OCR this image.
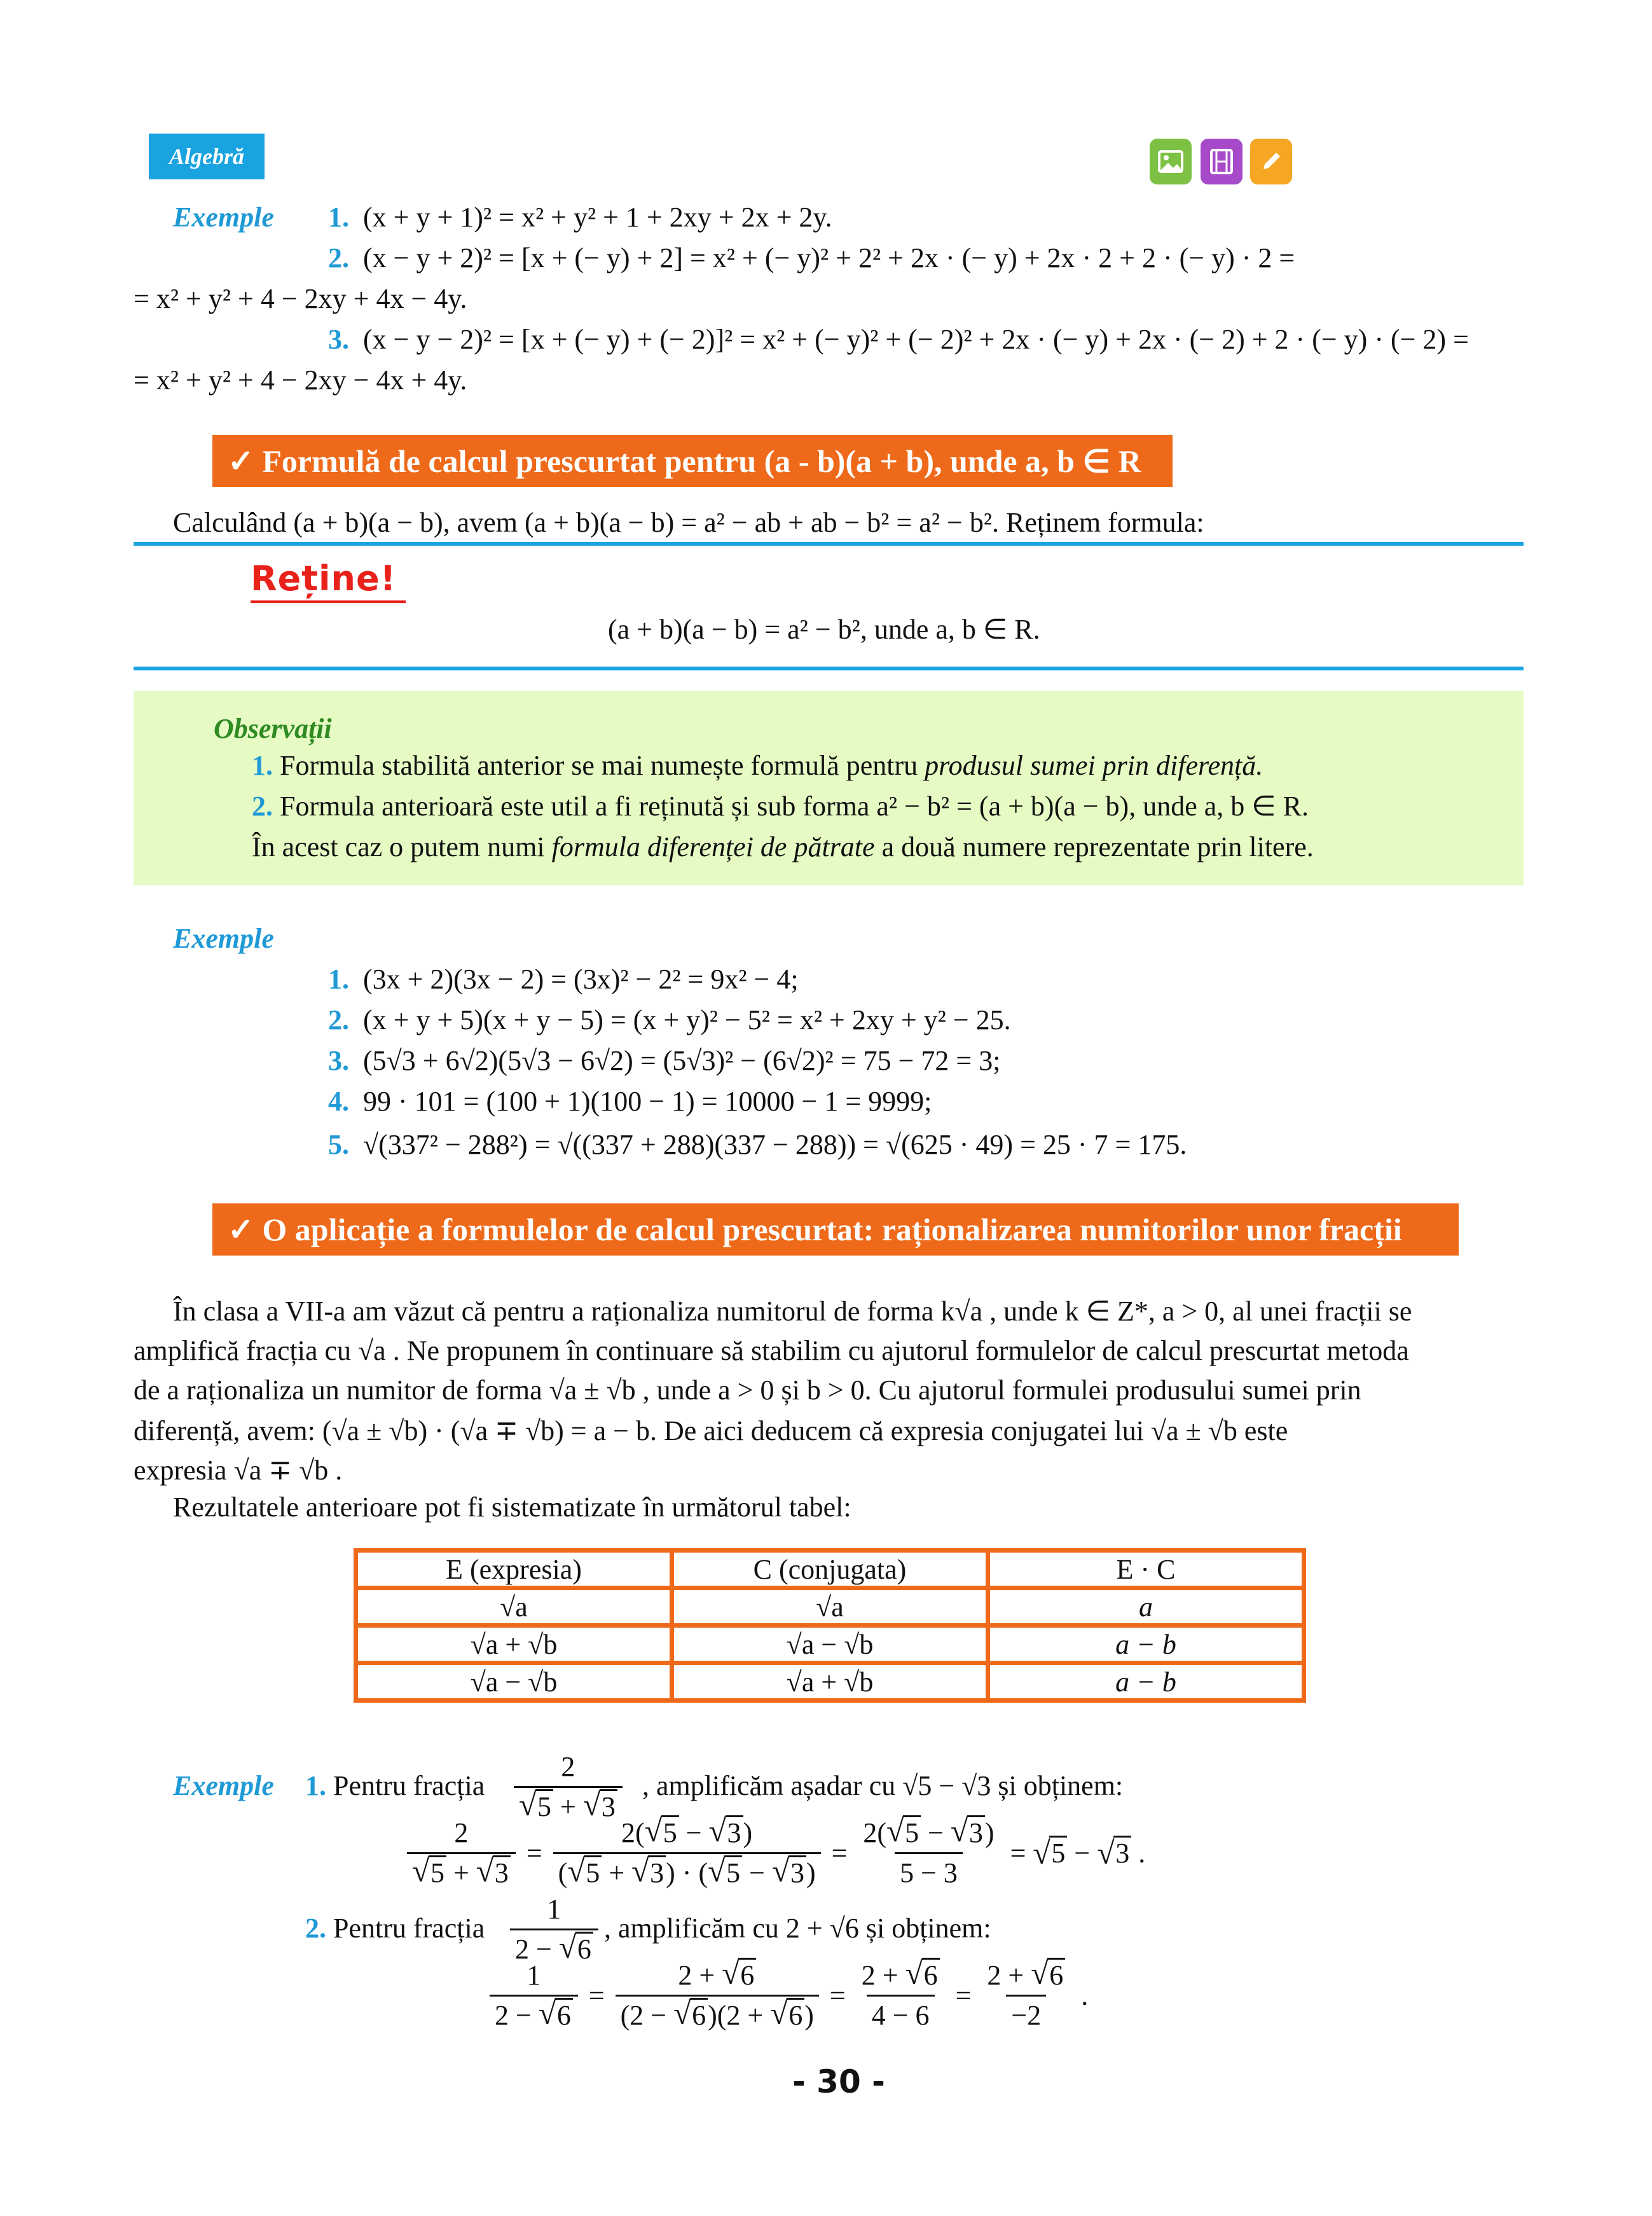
Algebră
Exemple 1. (x + y + 1)² = x² + y² + 1 + 2xy + 2x + 2y.
2. (x − y + 2)² = [x + (− y) + 2] = x² + (− y)² + 2² + 2x · (− y) + 2x · 2 + 2 · (− y) · 2 =
= x² + y² + 4 − 2xy + 4x − 4y.
3. (x − y − 2)² = [x + (− y) + (− 2)]² = x² + (− y)² + (− 2)² + 2x · (− y) + 2x · (− 2) + 2 · (− y) · (− 2) =
= x² + y² + 4 − 2xy − 4x + 4y.
✓ Formulă de calcul prescurtat pentru (a - b)(a + b), unde a, b ∈ R
Calculând (a + b)(a − b), avem (a + b)(a − b) = a² − ab + ab − b² = a² − b². Reținem formula:
Reține!
(a + b)(a − b) = a² − b², unde a, b ∈ R.
Observații
1. Formula stabilită anterior se mai numește formulă pentru produsul sumei prin diferență.
2. Formula anterioară este util a fi reținută și sub forma a² − b² = (a + b)(a − b), unde a, b ∈ R.
În acest caz o putem numi formula diferenței de pătrate a două numere reprezentate prin litere.
Exemple
1. (3x + 2)(3x − 2) = (3x)² − 2² = 9x² − 4;
2. (x + y + 5)(x + y − 5) = (x + y)² − 5² = x² + 2xy + y² − 25.
3. (5√3 + 6√2)(5√3 − 6√2) = (5√3)² − (6√2)² = 75 − 72 = 3;
4. 99 · 101 = (100 + 1)(100 − 1) = 10000 − 1 = 9999;
5. √(337² − 288²) = √((337 + 288)(337 − 288)) = √(625 · 49) = 25 · 7 = 175.
✓ O aplicație a formulelor de calcul prescurtat: raționalizarea numitorilor unor fracții
În clasa a VII-a am văzut că pentru a raționaliza numitorul de forma k√a , unde k ∈ Z*, a > 0, al unei fracții se
amplifică fracția cu √a . Ne propunem în continuare să stabilim cu ajutorul formulelor de calcul prescurtat metoda
de a raționaliza un numitor de forma √a ± √b , unde a > 0 și b > 0. Cu ajutorul formulei produsului sumei prin
diferență, avem: (√a ± √b) · (√a ∓ √b) = a − b. De aici deducem că expresia conjugatei lui √a ± √b este
expresia √a ∓ √b .
Rezultatele anterioare pot fi sistematizate în următorul tabel:
E (expresia)	C (conjugata)	E · C
√a	√a	a
√a + √b	√a − √b	a − b
√a − √b	√a + √b	a − b
Exemple 1. Pentru fracția 2
√ 5 + √ 3 , amplificăm așadar cu √5 − √3 și obținem:
2
√ 5 + √ $3 = \frac{2( √ 5 - √ 3)}{( √ 5 + √ 3) \cdot ( √ 5 - √ 3)} = \frac{2( √ 5 - √ 3)}{5 - 3}$ = √ 5 − √ 3 .
2. Pentru fracția $\frac{1}{2 - √ 6}$ , amplificăm cu 2 + √6 și obținem:
$\frac{1}{2 - √ 6} = \frac{2 + √ 6}{(2 - √ 6)(2 + √ 6)} = \frac{2 + √ 6}{4 - 6} = \frac{2 + √ 6}{-2}$ .
- 30 -
